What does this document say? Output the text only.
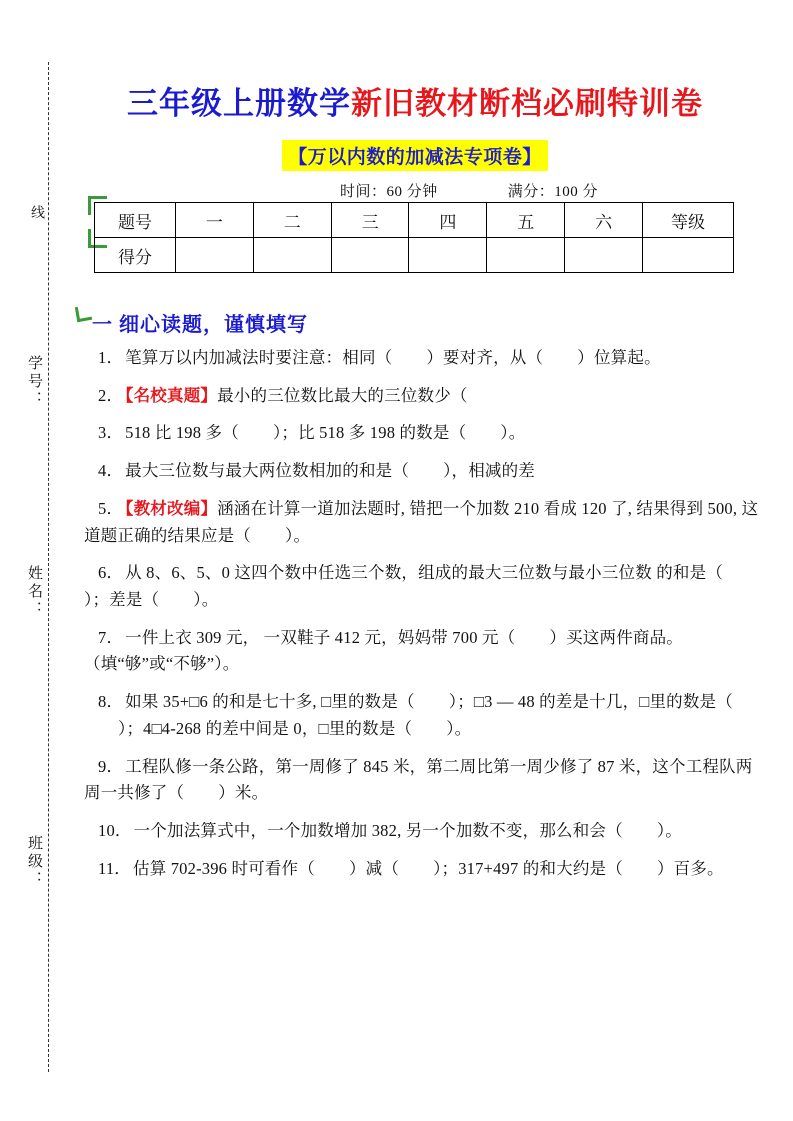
线
学号：
姓名：
班级：
三年级上册数学新旧教材断档必刷特训卷
【万以内数的加减法专项卷】
时间：60 分钟	满分：100 分
题号	一	二	三	四	五	六	等级
得分							
一 细心读题，谨慎填写
1． 笔算万以内加减法时要注意：相同（ ）要对齐，从（ ）位算起。
2． 【名校真题】最小的三位数比最大的三位数少（
3． 518 比 198 多（ ）；比 518 多 198 的数是（ ）。
4． 最大三位数与最大两位数相加的和是（ ），相减的差
5． 【教材改编】涵涵在计算一道加法题时, 错把一个加数 210 看成 120 了, 结果得到 500, 这道题正确的结果应是（ ）。
6． 从 8、6、5、0 这四个数中任选三个数，组成的最大三位数与最小三位数 的和是（）；差是（ ）。
7． 一件上衣 309 元， 一双鞋子 412 元，妈妈带 700 元（ ）买这两件商品。（填“够”或“不够”）。
8． 如果 35+□6 的和是七十多, □里的数是（ ）；□3 — 48 的差是十几，□里的数是（）；4□4-268 的差中间是 0，□里的数是（ ）。
9． 工程队修一条公路，第一周修了 845 米，第二周比第一周少修了 87 米，这个工程队两周一共修了（ ）米。
10． 一个加法算式中，一个加数增加 382, 另一个加数不变，那么和会（ ）。
11． 估算 702-396 时可看作（ ）减（ ）；317+497 的和大约是（ ）百多。
